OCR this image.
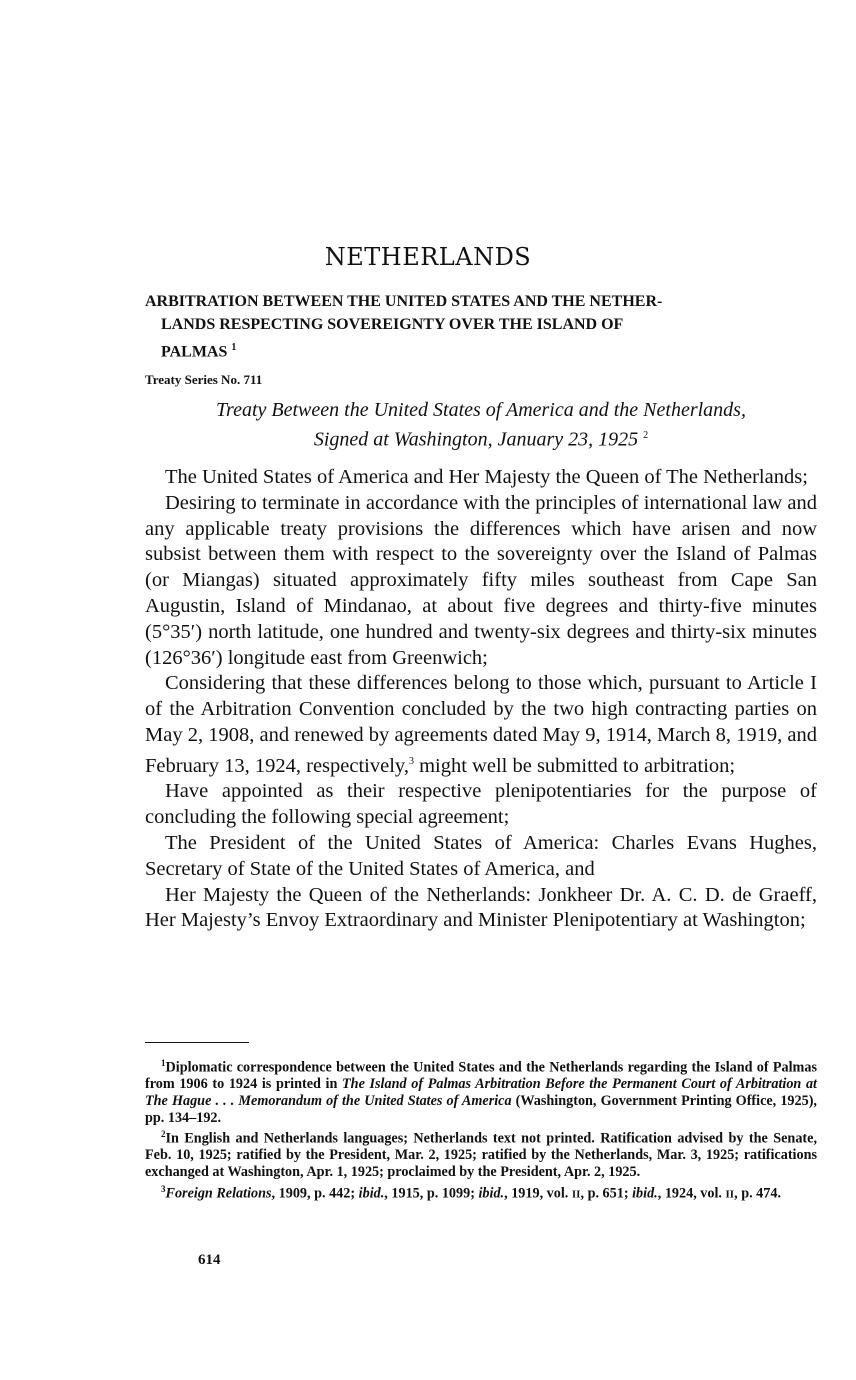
NETHERLANDS
ARBITRATION BETWEEN THE UNITED STATES AND THE NETHER-
LANDS RESPECTING SOVEREIGNTY OVER THE ISLAND OF
PALMAS $^1$
Treaty Series No. 711
Treaty Between the United States of America and the Netherlands,
Signed at Washington, January 23, 1925 $^2$

The United States of America and Her Majesty the Queen of The Netherlands;

Desiring to terminate in accordance with the principles of international law and any applicable treaty provisions the differences which have arisen and now subsist between them with respect to the sovereignty over the Island of Palmas (or Miangas) situated approximately fifty miles southeast from Cape San Augustin, Island of Mindanao, at about five degrees and thirty-five minutes (5°35′) north latitude, one hundred and twenty-six degrees and thirty-six minutes (126°36′) longitude east from Greenwich;

Considering that these differences belong to those which, pursuant to Article I of the Arbitration Convention concluded by the two high contracting parties on May 2, 1908, and renewed by agreements dated May 9, 1914, March 8, 1919, and February 13, 1924, respectively,$^3$ might well be submitted to arbitration;

Have appointed as their respective plenipotentiaries for the purpose of concluding the following special agreement;

The President of the United States of America: Charles Evans Hughes, Secretary of State of the United States of America, and

Her Majesty the Queen of the Netherlands: Jonkheer Dr. A. C. D. de Graeff, Her Majesty’s Envoy Extraordinary and Minister Plenipotentiary at Washington;

$^1$Diplomatic correspondence between the United States and the Netherlands regarding the Island of Palmas from 1906 to 1924 is printed in The Island of Palmas Arbitration Before the Permanent Court of Arbitration at The Hague . . . Memorandum of the United States of America (Washington, Government Printing Office, 1925), pp. 134–192.

$^2$In English and Netherlands languages; Netherlands text not printed. Ratification advised by the Senate, Feb. 10, 1925; ratified by the President, Mar. 2, 1925; ratified by the Netherlands, Mar. 3, 1925; ratifications exchanged at Washington, Apr. 1, 1925; proclaimed by the President, Apr. 2, 1925.

$^3$Foreign Relations, 1909, p. 442; ibid., 1915, p. 1099; ibid., 1919, vol. II, p. 651; ibid., 1924, vol. II, p. 474.

614
